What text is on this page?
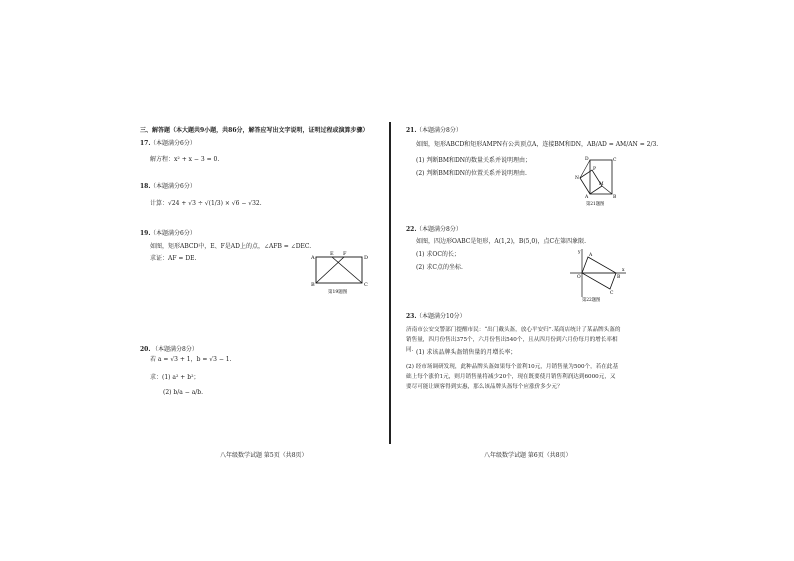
三、解答题（本大题共9小题，共86分，解答应写出文字说明，证明过程或演算步骤）
17. （本题满分6分）
解方程：x² + x − 3 = 0.
18. （本题满分6分）
计算：√24 + √3 ÷ √(1/3) × √6 − √32.
19. （本题满分6分）
如图，矩形ABCD中，E、F是AD上的点，∠AFB = ∠DEC.
求证：AF = DE.	A
E F
D
B	C
第19题图
20. （本题满分8分）
若 a = √3 + 1，b = √3 − 1.
求：(1) a² + b²；
(2) b/a − a/b.
八年级数学试题 第5页（共8页）
21. （本题满分8分）
如图，矩形ABCD和矩形AMPN有公共顶点A，连接BM和DN，AB/AD = AM/AN = 2/3.
(1) 判断BM和DN的数量关系并说明理由；
(2) 判断BM和DN的位置关系并说明理由.
D	C
N
P
M
A	B
第21题图
22. （本题满分8分）
如图，四边形OABC是矩形，A(1,2)，B(5,0)，点C在第四象限.
(1) 求OC的长；
(2) 求C点的坐标.
y
x
O
A
B
C
第22题图
23. （本题满分10分）
济南市公安交警部门提醒市民：“出门戴头盔，放心平安归”.某商店统计了某品牌头盔的销售量，四月份售出375个，六月份售出540个，且从四月份到六月份每月的增长率相同. (1) 求该品牌头盔销售量的月增长率；
(2) 经市场调研发现，此种品牌头盔如果每个盈利10元，月销售量为500个，若在此基础上每个涨价1元，则月销售量将减少20个，现在既要使月销售利润达到6000元，又要尽可能让顾客得到实惠，那么该品牌头盔每个应涨价多少元？
八年级数学试题 第6页（共8页）
